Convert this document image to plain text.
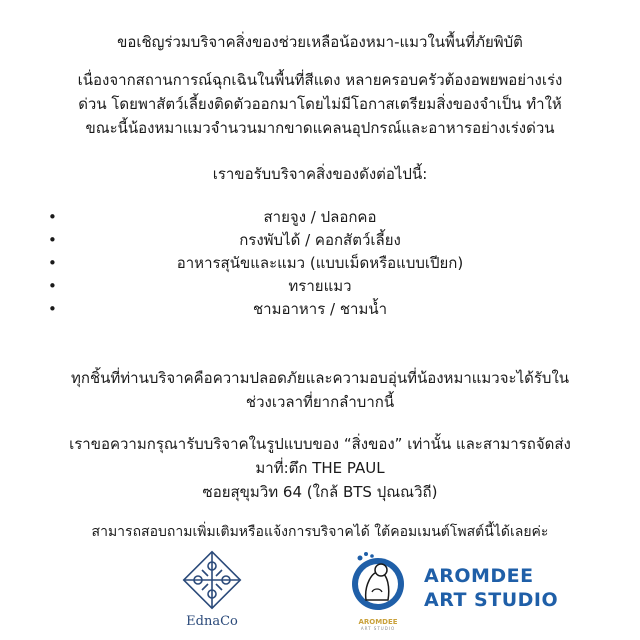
ขอเชิญร่วมบริจาคสิ่งของช่วยเหลือน้องหมา-แมวในพื้นที่ภัยพิบัติ
เนื่องจากสถานการณ์ฉุกเฉินในพื้นที่สีแดง หลายครอบครัวต้องอพยพอย่างเร่ง
ด่วน โดยพาสัตว์เลี้ยงติดตัวออกมาโดยไม่มีโอกาสเตรียมสิ่งของจำเป็น ทำให้
ขณะนี้น้องหมาแมวจำนวนมากขาดแคลนอุปกรณ์และอาหารอย่างเร่งด่วน
เราขอรับบริจาคสิ่งของดังต่อไปนี้:
•	สายจูง / ปลอกคอ
•	กรงพับได้ / คอกสัตว์เลี้ยง
•	อาหารสุนัขและแมว (แบบเม็ดหรือแบบเปียก)
•	ทรายแมว
•	ชามอาหาร / ชามน้ำ
ทุกชิ้นที่ท่านบริจาคคือความปลอดภัยและความอบอุ่นที่น้องหมาแมวจะได้รับใน
ช่วงเวลาที่ยากลำบากนี้
เราขอความกรุณารับบริจาคในรูปแบบของ “สิ่งของ” เท่านั้น และสามารถจัดส่ง
มาที่:ตึก THE PAUL
ซอยสุขุมวิท 64 (ใกล้ BTS ปุณณวิถี)
สามารถสอบถามเพิ่มเติมหรือแจ้งการบริจาคได้ ใต้คอมเมนต์โพสต์นี้ได้เลยค่ะ
EdnaCo	AROMDEE
ART STUDIO
AROMDEE
ART STUDIO
